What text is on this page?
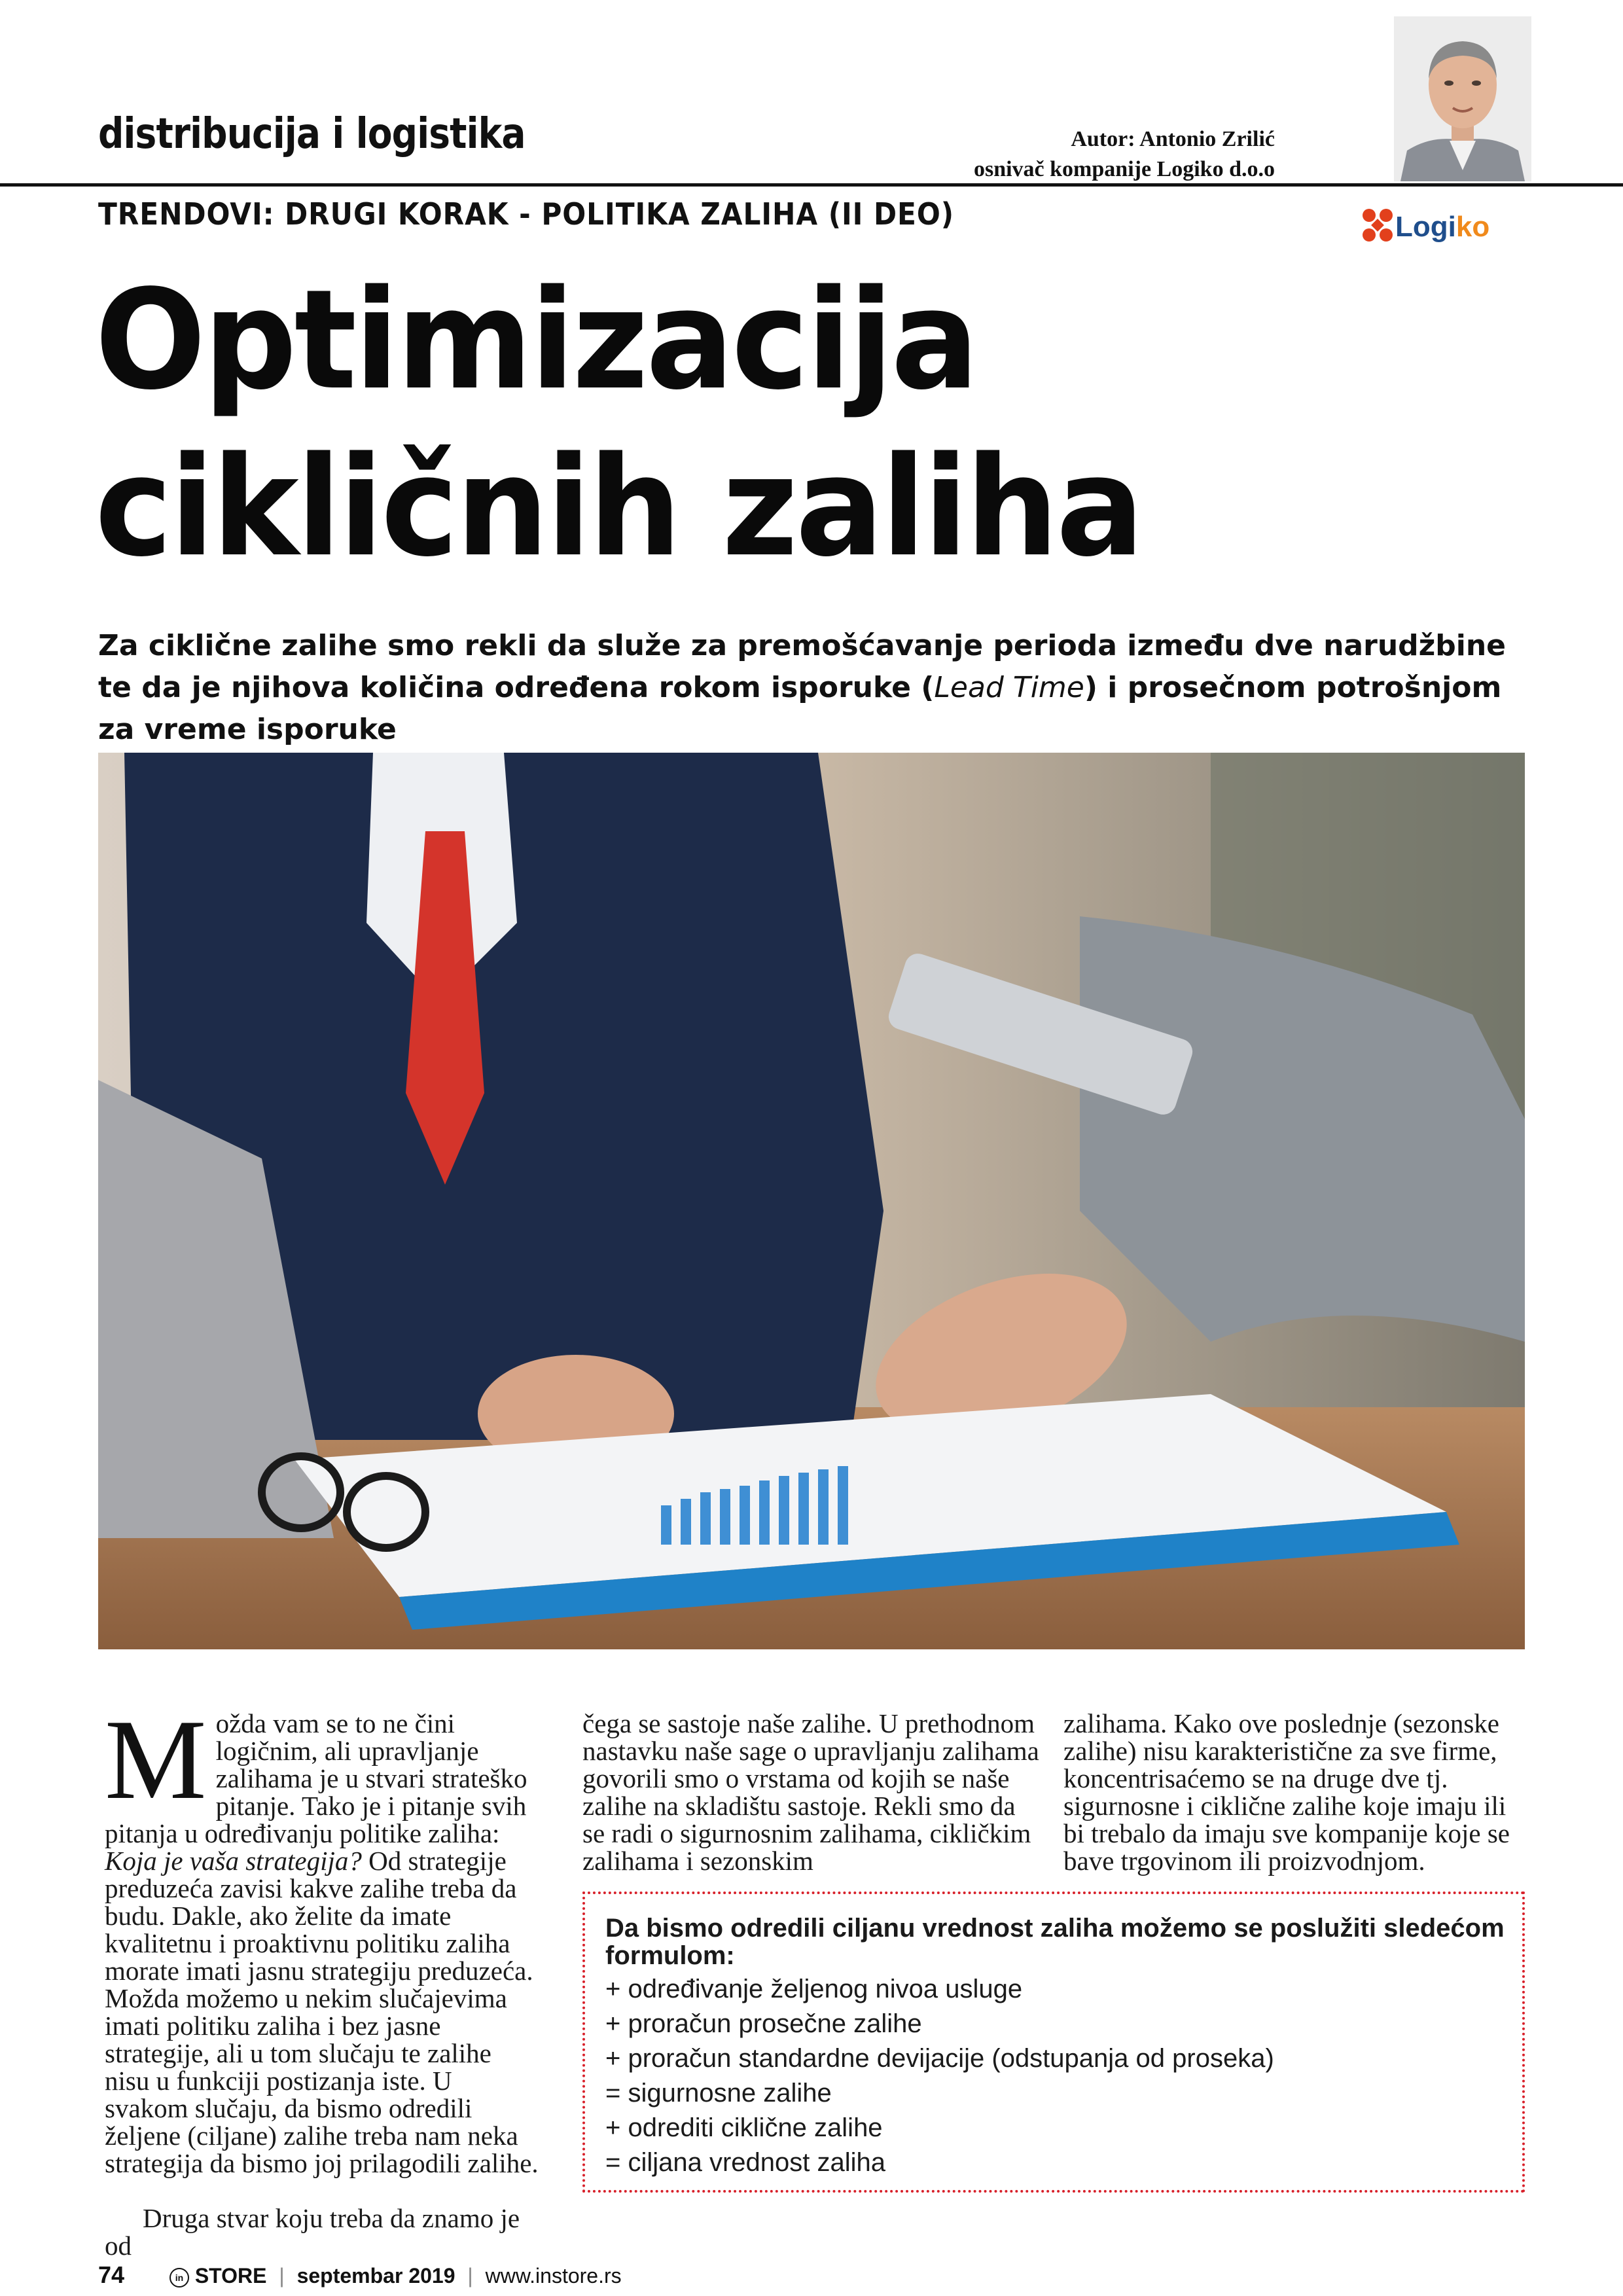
distribucija i logistika	Autor: Antonio Zrilić
osnivač kompanije Logiko d.o.o
Logiko
TRENDOVI: DRUGI KORAK - POLITIKA ZALIHA (II DEO)
Optimizacija
cikličnih zaliha
Za ciklične zalihe smo rekli da služe za premošćavanje perioda između dve narudžbine te da je njihova količina određena rokom isporuke (Lead Time) i prosečnom potrošnjom za vreme isporuke

Možda vam se to ne čini logičnim, ali upravljanje zalihama je u stvari strateško pitanje. Tako je i pitanje svih pitanja u određivanju politike zaliha: Koja je vaša strategija? Od strategije preduzeća zavisi kakve zalihe treba da budu. Dakle, ako želite da imate kvalitetnu i proaktivnu politiku zaliha morate imati jasnu strategiju preduzeća. Možda možemo u nekim slučajevima imati politiku zaliha i bez jasne strategije, ali u tom slučaju te zalihe nisu u funkciji postizanja iste. U svakom slučaju, da bismo odredili željene (ciljane) zalihe treba nam neka strategija da bismo joj prilagodili zalihe.

Druga stvar koju treba da znamo je od

čega se sastoje naše zalihe. U prethodnom nastavku naše sage o upravljanju zalihama govorili smo o vrstama od kojih se naše zalihe na skladištu sastoje. Rekli smo da se radi o sigurnosnim zalihama, cikličkim zalihama i sezonskim

zalihama. Kako ove poslednje (sezonske zalihe) nisu karakteristične za sve firme, koncentrisaćemo se na druge dve tj. sigurnosne i ciklične zalihe koje imaju ili bi trebalo da imaju sve kompanije koje se bave trgovinom ili proizvodnjom.

Da bismo odredili ciljanu vrednost zaliha možemo se poslužiti sledećom formulom:
+ određivanje željenog nivoa usluge
+ proračun prosečne zalihe
+ proračun standardne devijacije (odstupanja od proseka)
= sigurnosne zalihe
+ odrediti ciklične zalihe
= ciljana vrednost zaliha
74	in STORE | septembar 2019 | www.instore.rs
